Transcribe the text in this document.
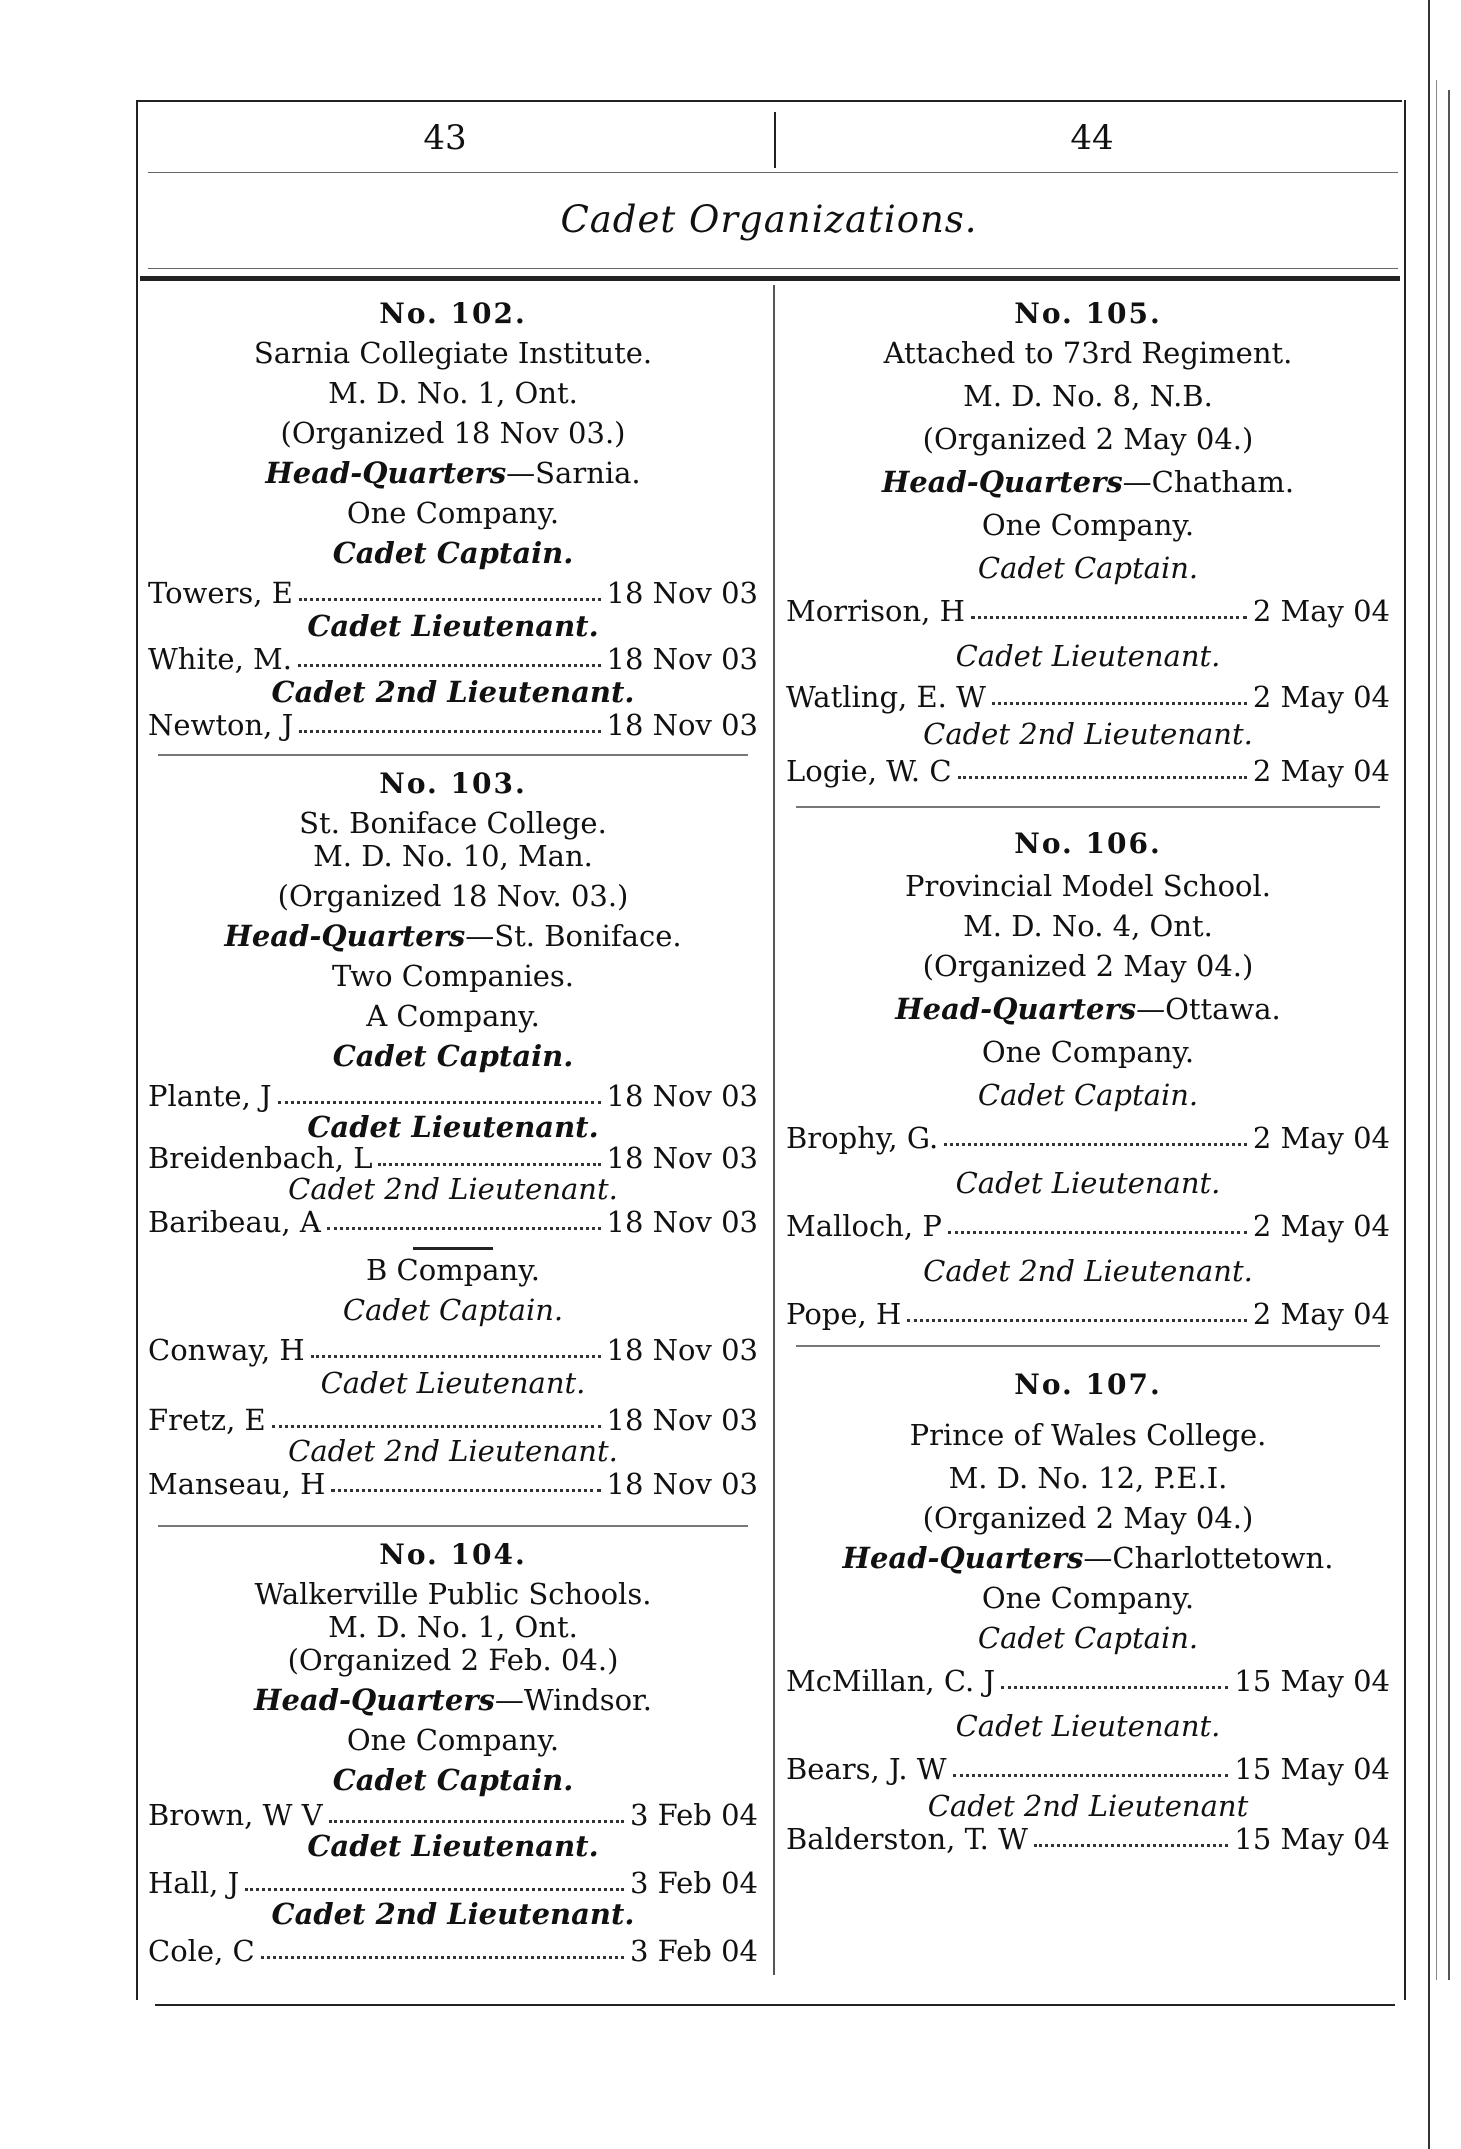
43	44
Cadet Organizations.
No. 102.
Sarnia Collegiate Institute.
M. D. No. 1, Ont.
(Organized 18 Nov 03.)
Head-Quarters—Sarnia.
One Company.
Cadet Captain.
Towers, E	18 Nov 03
Cadet Lieutenant.
White, M.	18 Nov 03
Cadet 2nd Lieutenant.
Newton, J	18 Nov 03
No. 103.
St. Boniface College.
M. D. No. 10, Man.
(Organized 18 Nov. 03.)
Head-Quarters—St. Boniface.
Two Companies.
A Company.
Cadet Captain.
Plante, J	18 Nov 03
Cadet Lieutenant.
Breidenbach, L	18 Nov 03
Cadet 2nd Lieutenant.
Baribeau, A	18 Nov 03
B Company.
Cadet Captain.
Conway, H	18 Nov 03
Cadet Lieutenant.
Fretz, E	18 Nov 03
Cadet 2nd Lieutenant.
Manseau, H	18 Nov 03
No. 104.
Walkerville Public Schools.
M. D. No. 1, Ont.
(Organized 2 Feb. 04.)
Head-Quarters—Windsor.
One Company.
Cadet Captain.
Brown, W V	3 Feb 04
Cadet Lieutenant.
Hall, J	3 Feb 04
Cadet 2nd Lieutenant.
Cole, C	3 Feb 04
No. 105.
Attached to 73rd Regiment.
M. D. No. 8, N.B.
(Organized 2 May 04.)
Head-Quarters—Chatham.
One Company.
Cadet Captain.
Morrison, H	2 May 04
Cadet Lieutenant.
Watling, E. W	2 May 04
Cadet 2nd Lieutenant.
Logie, W. C	2 May 04
No. 106.
Provincial Model School.
M. D. No. 4, Ont.
(Organized 2 May 04.)
Head-Quarters—Ottawa.
One Company.
Cadet Captain.
Brophy, G.	2 May 04
Cadet Lieutenant.
Malloch, P	2 May 04
Cadet 2nd Lieutenant.
Pope, H	2 May 04
No. 107.
Prince of Wales College.
M. D. No. 12, P.E.I.
(Organized 2 May 04.)
Head-Quarters—Charlottetown.
One Company.
Cadet Captain.
McMillan, C. J	15 May 04
Cadet Lieutenant.
Bears, J. W	15 May 04
Cadet 2nd Lieutenant
Balderston, T. W	15 May 04
